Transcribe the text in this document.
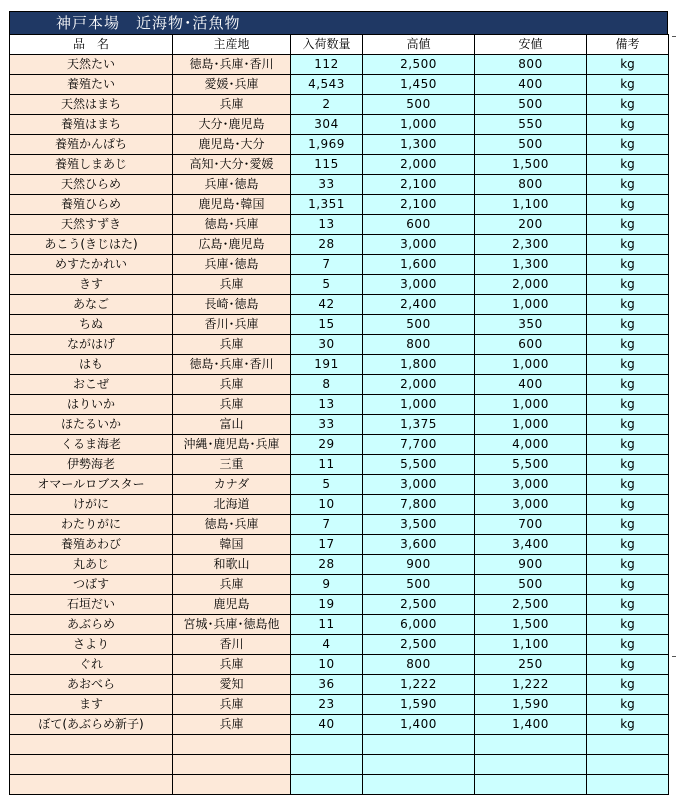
神戸本場　近海物･活魚物
品　名	主産地	入荷数量	高値	安値	備考
天然たい	徳島･兵庫･香川	112	2,500	800	kg
養殖たい	愛媛･兵庫	4,543	1,450	400	kg
天然はまち	兵庫	2	500	500	kg
養殖はまち	大分･鹿児島	304	1,000	550	kg
養殖かんぱち	鹿児島･大分	1,969	1,300	500	kg
養殖しまあじ	高知･大分･愛媛	115	2,000	1,500	kg
天然ひらめ	兵庫･徳島	33	2,100	800	kg
養殖ひらめ	鹿児島･韓国	1,351	2,100	1,100	kg
天然すずき	徳島･兵庫	13	600	200	kg
あこう(きじはた)	広島･鹿児島	28	3,000	2,300	kg
めすたかれい	兵庫･徳島	7	1,600	1,300	kg
きす	兵庫	5	3,000	2,000	kg
あなご	長崎･徳島	42	2,400	1,000	kg
ちぬ	香川･兵庫	15	500	350	kg
ながはげ	兵庫	30	800	600	kg
はも	徳島･兵庫･香川	191	1,800	1,000	kg
おこぜ	兵庫	8	2,000	400	kg
はりいか	兵庫	13	1,000	1,000	kg
ほたるいか	富山	33	1,375	1,000	kg
くるま海老	沖縄･鹿児島･兵庫	29	7,700	4,000	kg
伊勢海老	三重	11	5,500	5,500	kg
オマールロブスター	カナダ	5	3,000	3,000	kg
けがに	北海道	10	7,800	3,000	kg
わたりがに	徳島･兵庫	7	3,500	700	kg
養殖あわび	韓国	17	3,600	3,400	kg
丸あじ	和歌山	28	900	900	kg
つばす	兵庫	9	500	500	kg
石垣だい	鹿児島	19	2,500	2,500	kg
あぶらめ	宮城･兵庫･徳島他	11	6,000	1,500	kg
さより	香川	4	2,500	1,100	kg
ぐれ	兵庫	10	800	250	kg
あおべら	愛知	36	1,222	1,222	kg
ます	兵庫	23	1,590	1,590	kg
ぼて(あぶらめ新子)	兵庫	40	1,400	1,400	kg
